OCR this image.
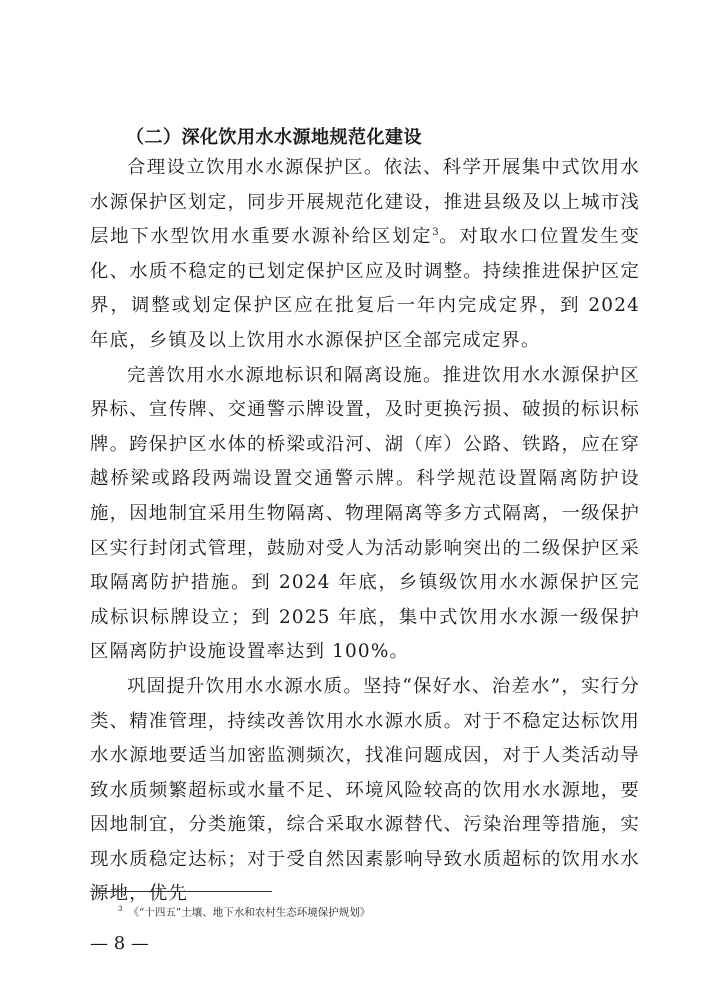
（二）深化饮用水水源地规范化建设

合理设立饮用水水源保护区。依法、科学开展集中式饮用水水源保护区划定，同步开展规范化建设，推进县级及以上城市浅层地下水型饮用水重要水源补给区划定$^3$。对取水口位置发生变化、水质不稳定的已划定保护区应及时调整。持续推进保护区定界，调整或划定保护区应在批复后一年内完成定界，到 2024 年底，乡镇及以上饮用水水源保护区全部完成定界。

完善饮用水水源地标识和隔离设施。推进饮用水水源保护区界标、宣传牌、交通警示牌设置，及时更换污损、破损的标识标牌。跨保护区水体的桥梁或沿河、湖（库）公路、铁路，应在穿越桥梁或路段两端设置交通警示牌。科学规范设置隔离防护设施，因地制宜采用生物隔离、物理隔离等多方式隔离，一级保护区实行封闭式管理，鼓励对受人为活动影响突出的二级保护区采取隔离防护措施。到 2024 年底，乡镇级饮用水水源保护区完成标识标牌设立；到 2025 年底，集中式饮用水水源一级保护区隔离防护设施设置率达到 100%。

巩固提升饮用水水源水质。坚持“保好水、治差水”，实行分类、精准管理，持续改善饮用水水源水质。对于不稳定达标饮用水水源地要适当加密监测频次，找准问题成因，对于人类活动导致水质频繁超标或水量不足、环境风险较高的饮用水水源地，要因地制宜，分类施策，综合采取水源替代、污染治理等措施，实现水质稳定达标；对于受自然因素影响导致水质超标的饮用水水源地，优先

$^3$ 《“十四五”土壤、地下水和农村生态环境保护规划》
— 8 —
